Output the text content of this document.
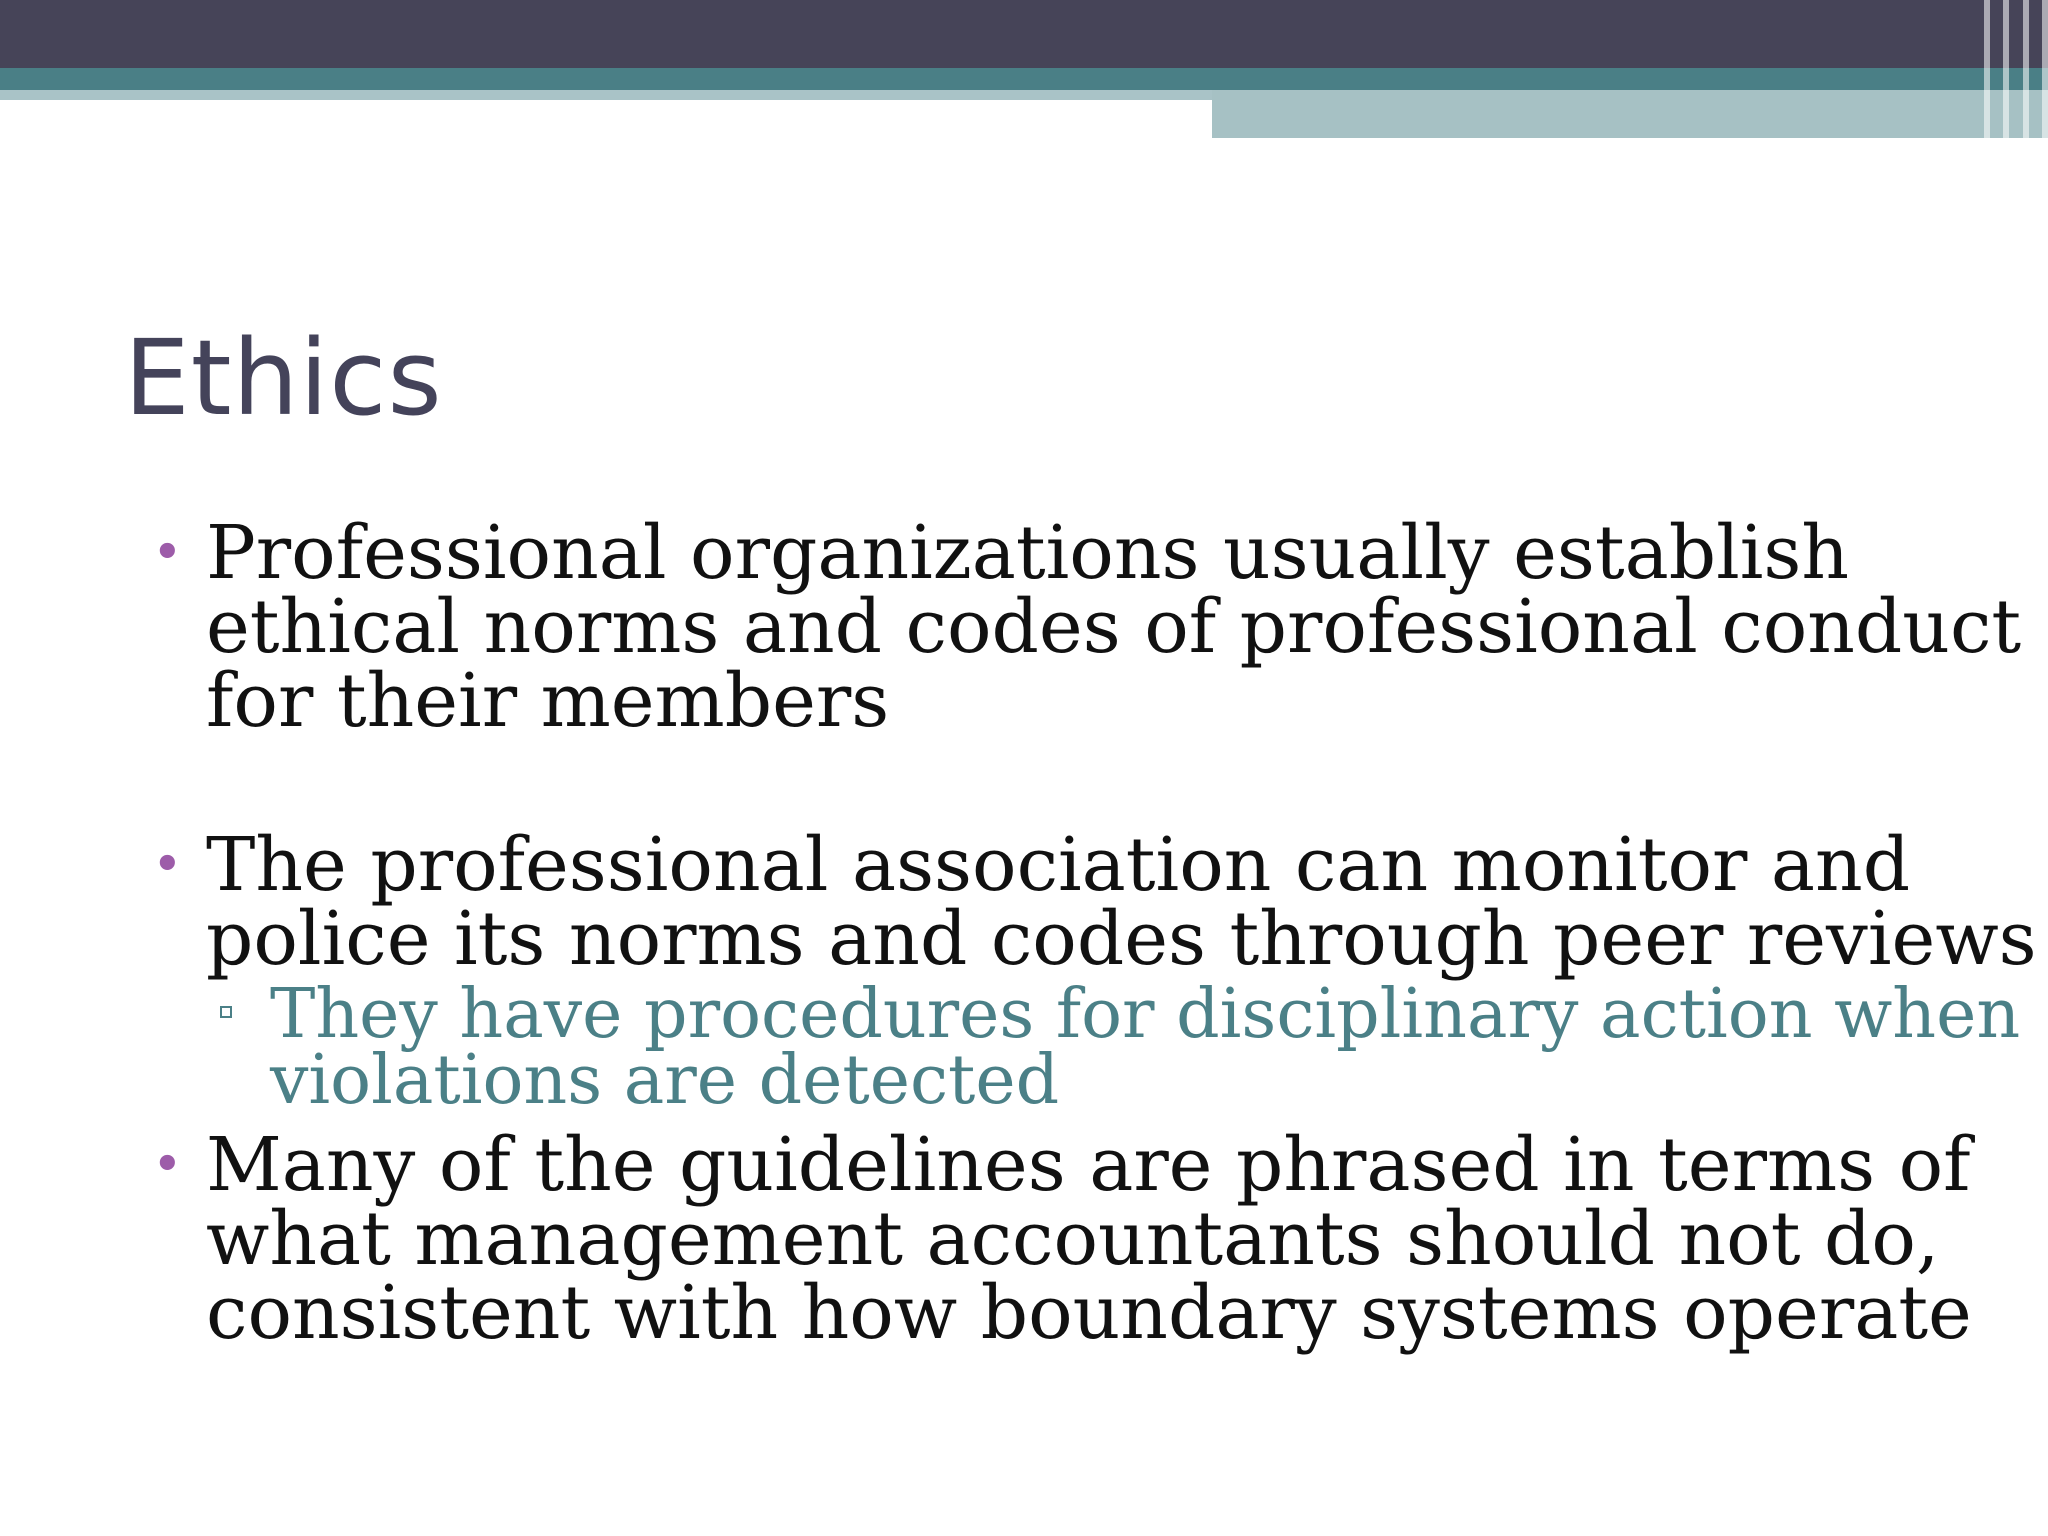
Ethics
• Professional organizations usually establish
ethical norms and codes of professional conduct
for their members
• The professional association can monitor and
police its norms and codes through peer reviews
They have procedures for disciplinary action when
violations are detected
• Many of the guidelines are phrased in terms of
what management accountants should not do,
consistent with how boundary systems operate
